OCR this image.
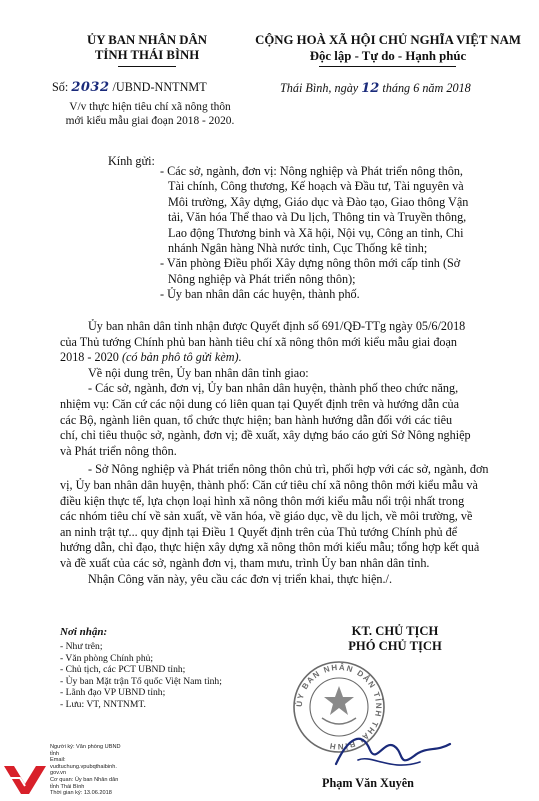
ỦY BAN NHÂN DÂN
TỈNH THÁI BÌNH
Số: 2032 /UBND-NNTNMT
V/v thực hiện tiêu chí xã nông thôn
mới kiểu mẫu giai đoạn 2018 - 2020.
CỘNG HOÀ XÃ HỘI CHỦ NGHĨA VIỆT NAM
Độc lập - Tự do - Hạnh phúc
Thái Bình, ngày 12 tháng 6 năm 2018
Kính gửi:
- Các sở, ngành, đơn vị: Nông nghiệp và Phát triển nông thôn,
Tài chính, Công thương, Kế hoạch và Đầu tư, Tài nguyên và
Môi trường, Xây dựng, Giáo dục và Đào tạo, Giao thông Vận
tải, Văn hóa Thể thao và Du lịch, Thông tin và Truyền thông,
Lao động Thương binh và Xã hội, Nội vụ, Công an tỉnh, Chi
nhánh Ngân hàng Nhà nước tỉnh, Cục Thống kê tỉnh;
- Văn phòng Điều phối Xây dựng nông thôn mới cấp tỉnh (Sở
Nông nghiệp và Phát triển nông thôn);
- Ủy ban nhân dân các huyện, thành phố.
Ủy ban nhân dân tỉnh nhận được Quyết định số 691/QĐ-TTg ngày 05/6/2018
của Thủ tướng Chính phủ ban hành tiêu chí xã nông thôn mới kiểu mẫu giai đoạn
2018 - 2020 (có bản phô tô gửi kèm).
Về nội dung trên, Ủy ban nhân dân tỉnh giao:
- Các sở, ngành, đơn vị, Ủy ban nhân dân huyện, thành phố theo chức năng,
nhiệm vụ: Căn cứ các nội dung có liên quan tại Quyết định trên và hướng dẫn của
các Bộ, ngành liên quan, tổ chức thực hiện; ban hành hướng dẫn đối với các tiêu
chí, chỉ tiêu thuộc sở, ngành, đơn vị; đề xuất, xây dựng báo cáo gửi Sở Nông nghiệp
và Phát triển nông thôn.
- Sở Nông nghiệp và Phát triển nông thôn chủ trì, phối hợp với các sở, ngành, đơn
vị, Ủy ban nhân dân huyện, thành phố: Căn cứ tiêu chí xã nông thôn mới kiểu mẫu và
điều kiện thực tế, lựa chọn loại hình xã nông thôn mới kiểu mẫu nổi trội nhất trong
các nhóm tiêu chí về sản xuất, về văn hóa, về giáo dục, về du lịch, về môi trường, về
an ninh trật tự... quy định tại Điều 1 Quyết định trên của Thủ tướng Chính phủ để
hướng dẫn, chỉ đạo, thực hiện xây dựng xã nông thôn mới kiểu mẫu; tổng hợp kết quả
và đề xuất của các sở, ngành đơn vị, tham mưu, trình Ủy ban nhân dân tỉnh.
Nhận Công văn này, yêu cầu các đơn vị triển khai, thực hiện./.
Nơi nhận:
- Như trên;
- Văn phòng Chính phủ;
- Chủ tịch, các PCT UBND tỉnh;
- Ủy ban Mặt trận Tổ quốc Việt Nam tỉnh;
- Lãnh đạo VP UBND tỉnh;
- Lưu: VT, NNTNMT.
KT. CHỦ TỊCH
PHÓ CHỦ TỊCH
ỦY BAN NHÂN DÂN TỈNH THÁI BÌNH
Phạm Văn Xuyên
Người ký: Văn phòng UBND
tỉnh
Email:
vudtuchung.vpubqthaibinh.
gov.vn
Cơ quan: Ủy ban Nhân dân
tỉnh Thái Bình
Thời gian ký: 13.06.2018
